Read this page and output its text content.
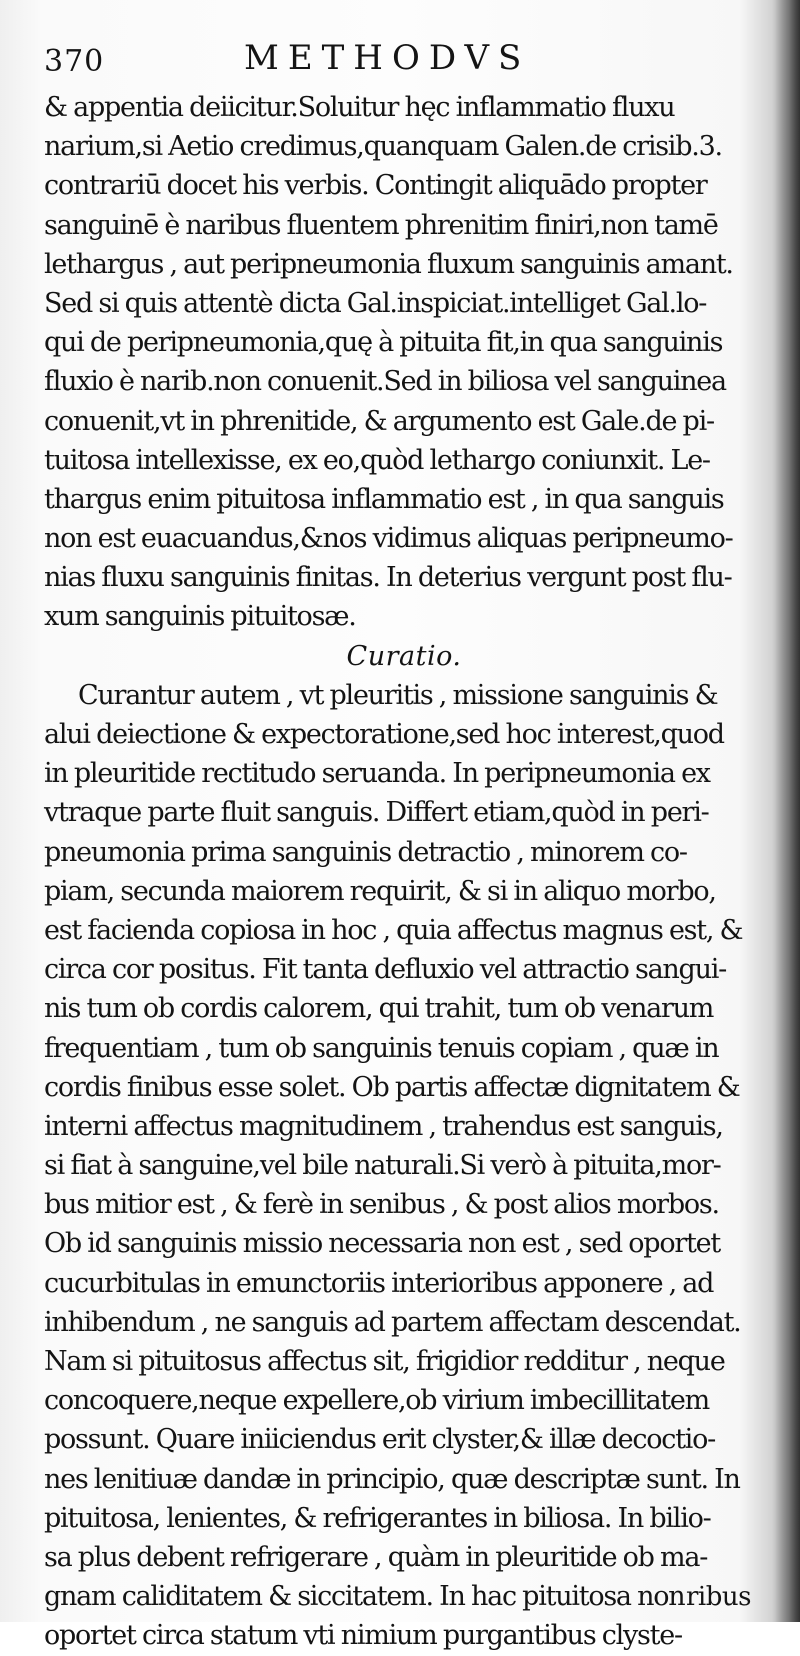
370	METHODVS
& appentia deiicitur.Soluitur hęc inflammatio fluxu
narium,si Aetio credimus,quanquam Galen.de crisib.3.
contrariū docet his verbis. Contingit aliquādo propter
sanguinē è naribus fluentem phrenitim finiri,non tamē
lethargus , aut peripneumonia fluxum sanguinis amant.
Sed si quis attentè dicta Gal.inspiciat.intelliget Gal.lo-
qui de peripneumonia,quę à pituita fit,in qua sanguinis
fluxio è narib.non conuenit.Sed in biliosa vel sanguinea
conuenit,vt in phrenitide, & argumento est Gale.de pi-
tuitosa intellexisse, ex eo,quòd lethargo coniunxit. Le-
thargus enim pituitosa inflammatio est , in qua sanguis
non est euacuandus,&nos vidimus aliquas peripneumo-
nias fluxu sanguinis finitas. In deterius vergunt post flu-
xum sanguinis pituitosæ.
Curatio.
Curantur autem , vt pleuritis , missione sanguinis &
alui deiectione & expectoratione,sed hoc interest,quod
in pleuritide rectitudo seruanda. In peripneumonia ex
vtraque parte fluit sanguis. Differt etiam,quòd in peri-
pneumonia prima sanguinis detractio , minorem co-
piam, secunda maiorem requirit, & si in aliquo morbo,
est facienda copiosa in hoc , quia affectus magnus est, &
circa cor positus. Fit tanta defluxio vel attractio sangui-
nis tum ob cordis calorem, qui trahit, tum ob venarum
frequentiam , tum ob sanguinis tenuis copiam , quæ in
cordis finibus esse solet. Ob partis affectæ dignitatem &
interni affectus magnitudinem , trahendus est sanguis,
si fiat à sanguine,vel bile naturali.Si verò à pituita,mor-
bus mitior est , & ferè in senibus , & post alios morbos.
Ob id sanguinis missio necessaria non est , sed oportet
cucurbitulas in emunctoriis interioribus apponere , ad
inhibendum , ne sanguis ad partem affectam descendat.
Nam si pituitosus affectus sit, frigidior redditur , neque
concoquere,neque expellere,ob virium imbecillitatem
possunt. Quare iniiciendus erit clyster,& illæ decoctio-
nes lenitiuæ dandæ in principio, quæ descriptæ sunt. In
pituitosa, lenientes, & refrigerantes in biliosa. In bilio-
sa plus debent refrigerare , quàm in pleuritide ob ma-
gnam caliditatem & siccitatem. In hac pituitosa non
oportet circa statum vti nimium purgantibus clyste-
ribus
